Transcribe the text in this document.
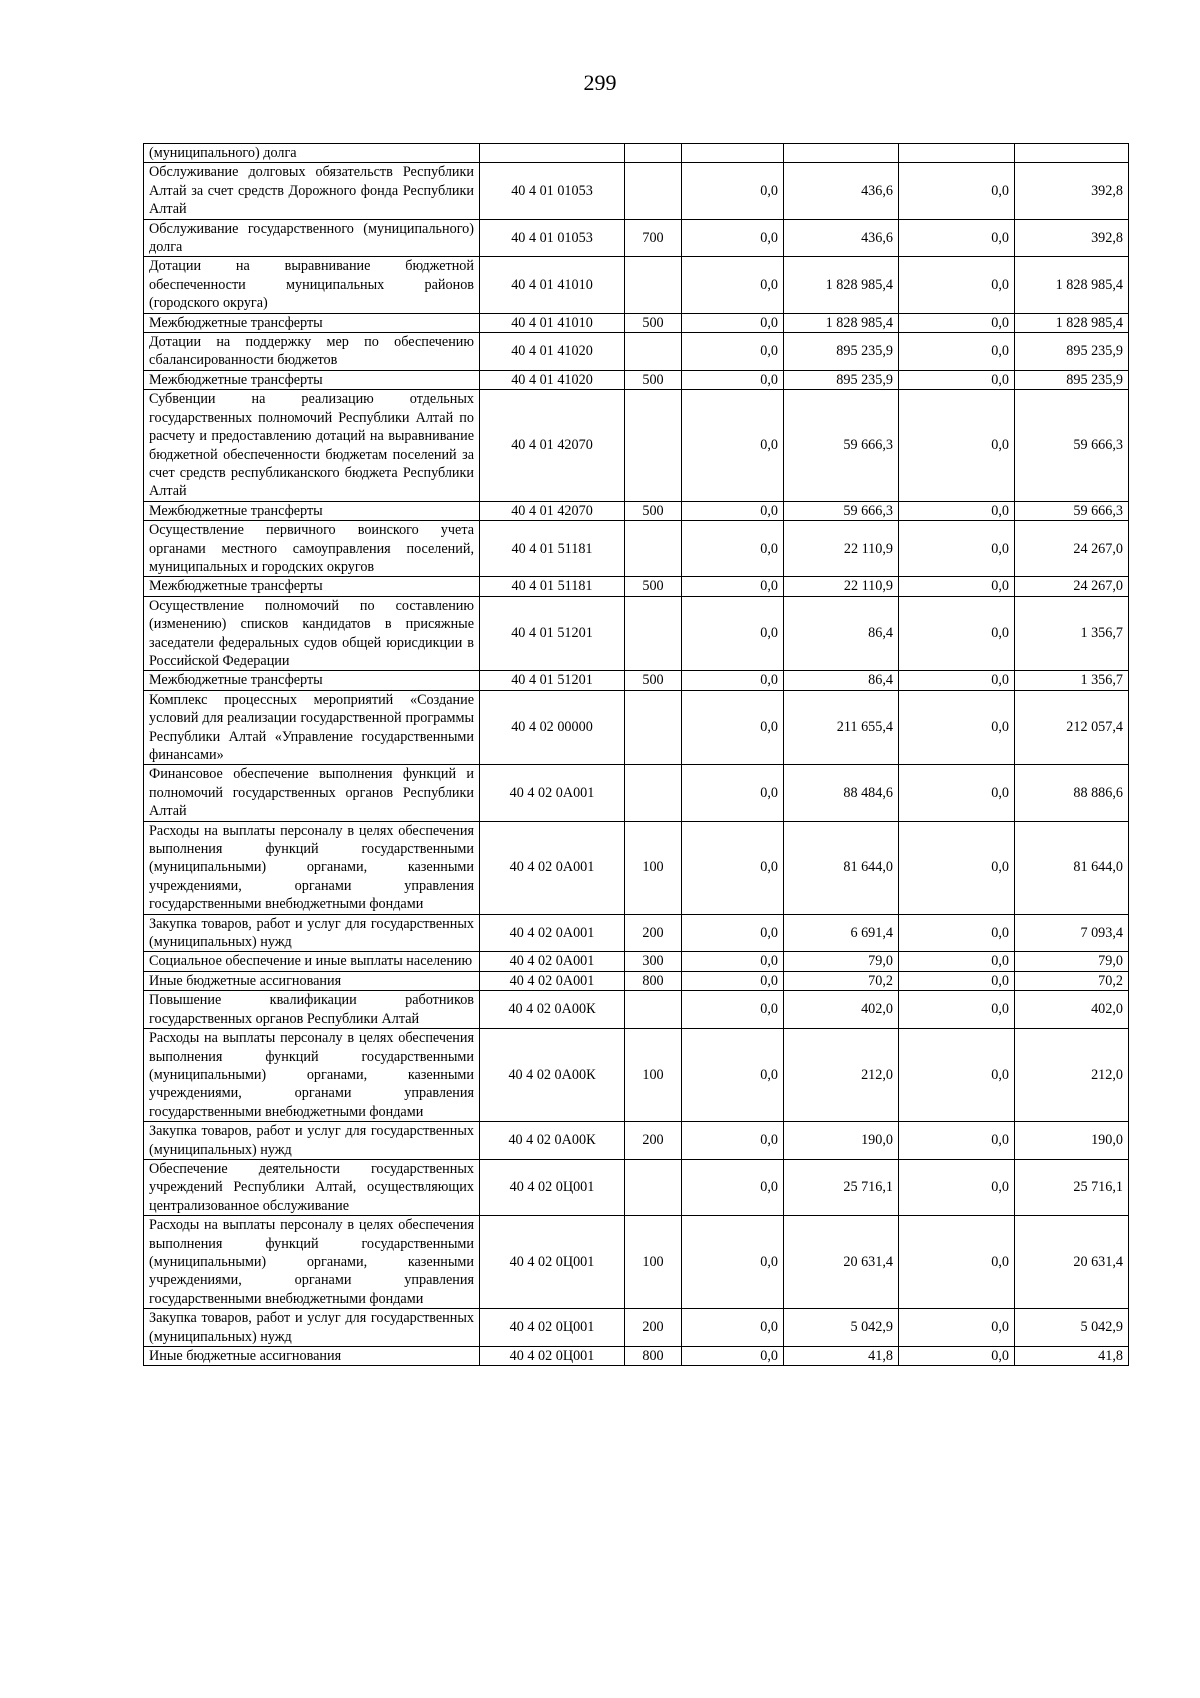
299
(муниципального) долга						
Обслуживание долговых обязательств Республики Алтай за счет средств Дорожного фонда Республики Алтай	40 4 01 01053		0,0	436,6	0,0	392,8
Обслуживание государственного (муниципального) долга	40 4 01 01053	700	0,0	436,6	0,0	392,8
Дотации на выравнивание бюджетной обеспеченности муниципальных районов (городского округа)	40 4 01 41010		0,0	1 828 985,4	0,0	1 828 985,4
Межбюджетные трансферты	40 4 01 41010	500	0,0	1 828 985,4	0,0	1 828 985,4
Дотации на поддержку мер по обеспечению сбалансированности бюджетов	40 4 01 41020		0,0	895 235,9	0,0	895 235,9
Межбюджетные трансферты	40 4 01 41020	500	0,0	895 235,9	0,0	895 235,9
Субвенции на реализацию отдельных государственных полномочий Республики Алтай по расчету и предоставлению дотаций на выравнивание бюджетной обеспеченности бюджетам поселений за счет средств республиканского бюджета Республики Алтай	40 4 01 42070		0,0	59 666,3	0,0	59 666,3
Межбюджетные трансферты	40 4 01 42070	500	0,0	59 666,3	0,0	59 666,3
Осуществление первичного воинского учета органами местного самоуправления поселений, муниципальных и городских округов	40 4 01 51181		0,0	22 110,9	0,0	24 267,0
Межбюджетные трансферты	40 4 01 51181	500	0,0	22 110,9	0,0	24 267,0
Осуществление полномочий по составлению (изменению) списков кандидатов в присяжные заседатели федеральных судов общей юрисдикции в Российской Федерации	40 4 01 51201		0,0	86,4	0,0	1 356,7
Межбюджетные трансферты	40 4 01 51201	500	0,0	86,4	0,0	1 356,7
Комплекс процессных мероприятий «Создание условий для реализации государственной программы Республики Алтай «Управление государственными финансами»	40 4 02 00000		0,0	211 655,4	0,0	212 057,4
Финансовое обеспечение выполнения функций и полномочий государственных органов Республики Алтай	40 4 02 0А001		0,0	88 484,6	0,0	88 886,6
Расходы на выплаты персоналу в целях обеспечения выполнения функций государственными (муниципальными) органами, казенными учреждениями, органами управления государственными внебюджетными фондами	40 4 02 0А001	100	0,0	81 644,0	0,0	81 644,0
Закупка товаров, работ и услуг для государственных (муниципальных) нужд	40 4 02 0А001	200	0,0	6 691,4	0,0	7 093,4
Социальное обеспечение и иные выплаты населению	40 4 02 0А001	300	0,0	79,0	0,0	79,0
Иные бюджетные ассигнования	40 4 02 0А001	800	0,0	70,2	0,0	70,2
Повышение квалификации работников государственных органов Республики Алтай	40 4 02 0А00К		0,0	402,0	0,0	402,0
Расходы на выплаты персоналу в целях обеспечения выполнения функций государственными (муниципальными) органами, казенными учреждениями, органами управления государственными внебюджетными фондами	40 4 02 0А00К	100	0,0	212,0	0,0	212,0
Закупка товаров, работ и услуг для государственных (муниципальных) нужд	40 4 02 0А00К	200	0,0	190,0	0,0	190,0
Обеспечение деятельности государственных учреждений Республики Алтай, осуществляющих централизованное обслуживание	40 4 02 0Ц001		0,0	25 716,1	0,0	25 716,1
Расходы на выплаты персоналу в целях обеспечения выполнения функций государственными (муниципальными) органами, казенными учреждениями, органами управления государственными внебюджетными фондами	40 4 02 0Ц001	100	0,0	20 631,4	0,0	20 631,4
Закупка товаров, работ и услуг для государственных (муниципальных) нужд	40 4 02 0Ц001	200	0,0	5 042,9	0,0	5 042,9
Иные бюджетные ассигнования	40 4 02 0Ц001	800	0,0	41,8	0,0	41,8
